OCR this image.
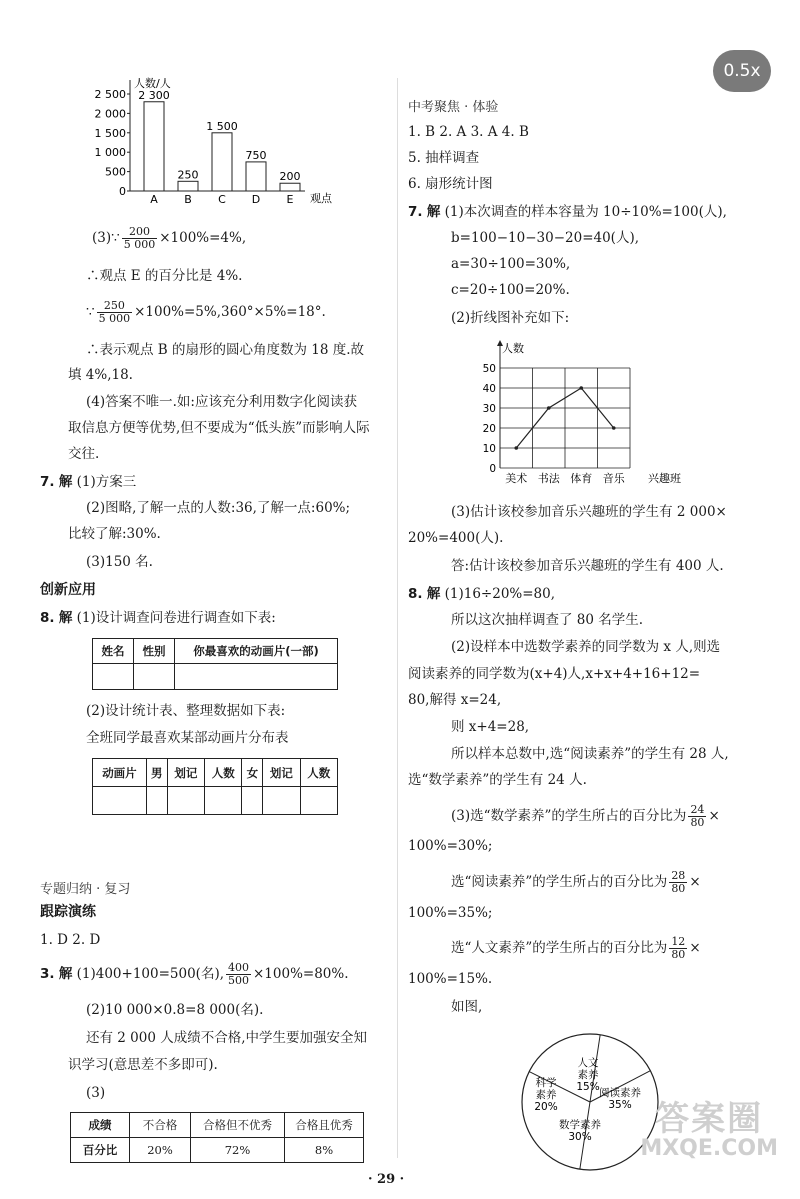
人数/人
2 500
2 000
1 500
1 000
500
0
2 300
A
250
B
1 500
C
750
D
200
E 观点
(3)∵ $\frac{200}{5 000} \times 100\%=4\%$,
∴观点 E 的百分比是 4%.
∵ $\frac{250}{5 000} \times 100\%=5\%,360^\circ\times 5\%=18^\circ$.
∴表示观点 B 的扇形的圆心角度数为 18 度.故
填 4%,18.
(4)答案不唯一.如:应该充分利用数字化阅读获
取信息方便等优势,但不要成为“低头族”而影响人际
交往.
7. 解 (1)方案三
(2)图略,了解一点的人数:36,了解一点:60%;
比较了解:30%.
(3)150 名.
创新应用
8. 解 (1)设计调查问卷进行调查如下表:
姓名	性别	你最喜欢的动画片(一部)

(2)设计统计表、整理数据如下表:
全班同学最喜欢某部动画片分布表
动画片	男	划记	人数	女	划记	人数

专题归纳 · 复习
跟踪演练
1. D 2. D
3. 解 (1)400+100=500(名), $\frac{400}{500} \times 100\%=80\%$.
(2)10 000×0.8=8 000(名).
还有 2 000 人成绩不合格,中学生要加强安全知
识学习(意思差不多即可).
(3)
成绩	不合格	合格但不优秀	合格且优秀
百分比	20%	72%	8%
中考聚焦 · 体验
1. B 2. A 3. A 4. B
5. 抽样调查
6. 扇形统计图
7. 解 (1)本次调查的样本容量为 10÷10%=100(人),
b=100−10−30−20=40(人),
a=30÷100=30%,
c=20÷100=20%.
(2)折线图补充如下:
人数
50
40
30
20
10
0
美术 书法 体育 音乐 兴趣班
(3)估计该校参加音乐兴趣班的学生有 2 000×
20%=400(人).
答:估计该校参加音乐兴趣班的学生有 400 人.
8. 解 (1)16÷20%=80,
所以这次抽样调查了 80 名学生.
(2)设样本中选数学素养的同学数为 x 人,则选
阅读素养的同学数为(x+4)人,x+x+4+16+12=
80,解得 x=24,
则 x+4=28,
所以样本总数中,选“阅读素养”的学生有 28 人,
选“数学素养”的学生有 24 人.
(3)选“数学素养”的学生所占的百分比为 $\frac{24}{80}$ ×
100%=30%;
选“阅读素养”的学生所占的百分比为 $\frac{28}{80}$ ×
100%=35%;
选“人文素养”的学生所占的百分比为 $\frac{12}{80}$ ×
100%=15%.
如图,
人文
素养
15% 阅读素养
35%
数学素养
30%
科学
素养
20%
· 29 ·
0.5x
答案圈
MXQE.COM
